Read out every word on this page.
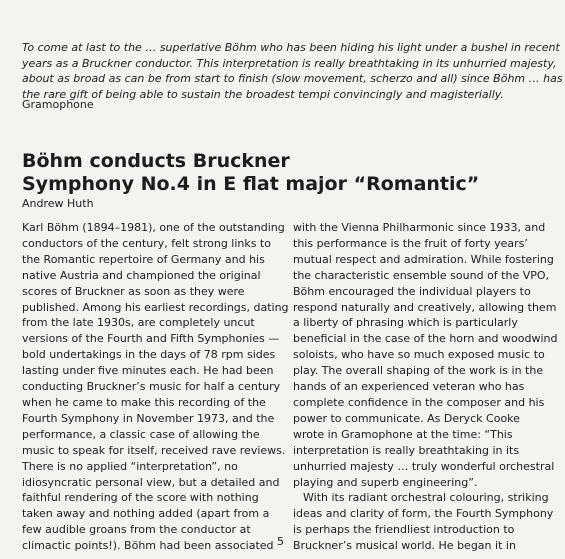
To come at last to the … superlative Böhm who has been hiding his light under a bushel in recent
years as a Bruckner conductor. This interpretation is really breathtaking in its unhurried majesty,
about as broad as can be from start to finish (slow movement, scherzo and all) since Böhm … has
the rare gift of being able to sustain the broadest tempi convincingly and magisterially.
Gramophone
Böhm conducts Bruckner
Symphony No.4 in E flat major “Romantic”
Andrew Huth
Karl Böhm (1894–1981), one of the outstanding
conductors of the century, felt strong links to
the Romantic repertoire of Germany and his
native Austria and championed the original
scores of Bruckner as soon as they were
published. Among his earliest recordings, dating
from the late 1930s, are completely uncut
versions of the Fourth and Fifth Symphonies —
bold undertakings in the days of 78 rpm sides
lasting under five minutes each. He had been
conducting Bruckner’s music for half a century
when he came to make this recording of the
Fourth Symphony in November 1973, and the
performance, a classic case of allowing the
music to speak for itself, received rave reviews.
There is no applied “interpretation”, no
idiosyncratic personal view, but a detailed and
faithful rendering of the score with nothing
taken away and nothing added (apart from a
few audible groans from the conductor at
climactic points!). Böhm had been associated
with the Vienna Philharmonic since 1933, and
this performance is the fruit of forty years’
mutual respect and admiration. While fostering
the characteristic ensemble sound of the VPO,
Böhm encouraged the individual players to
respond naturally and creatively, allowing them
a liberty of phrasing which is particularly
beneficial in the case of the horn and woodwind
soloists, who have so much exposed music to
play. The overall shaping of the work is in the
hands of an experienced veteran who has
complete confidence in the composer and his
power to communicate. As Deryck Cooke
wrote in Gramophone at the time: “This
interpretation is really breathtaking in its
unhurried majesty … truly wonderful orchestral
playing and superb engineering”.
With its radiant orchestral colouring, striking
ideas and clarity of form, the Fourth Symphony
is perhaps the friendliest introduction to
Bruckner’s musical world. He began it in
5
